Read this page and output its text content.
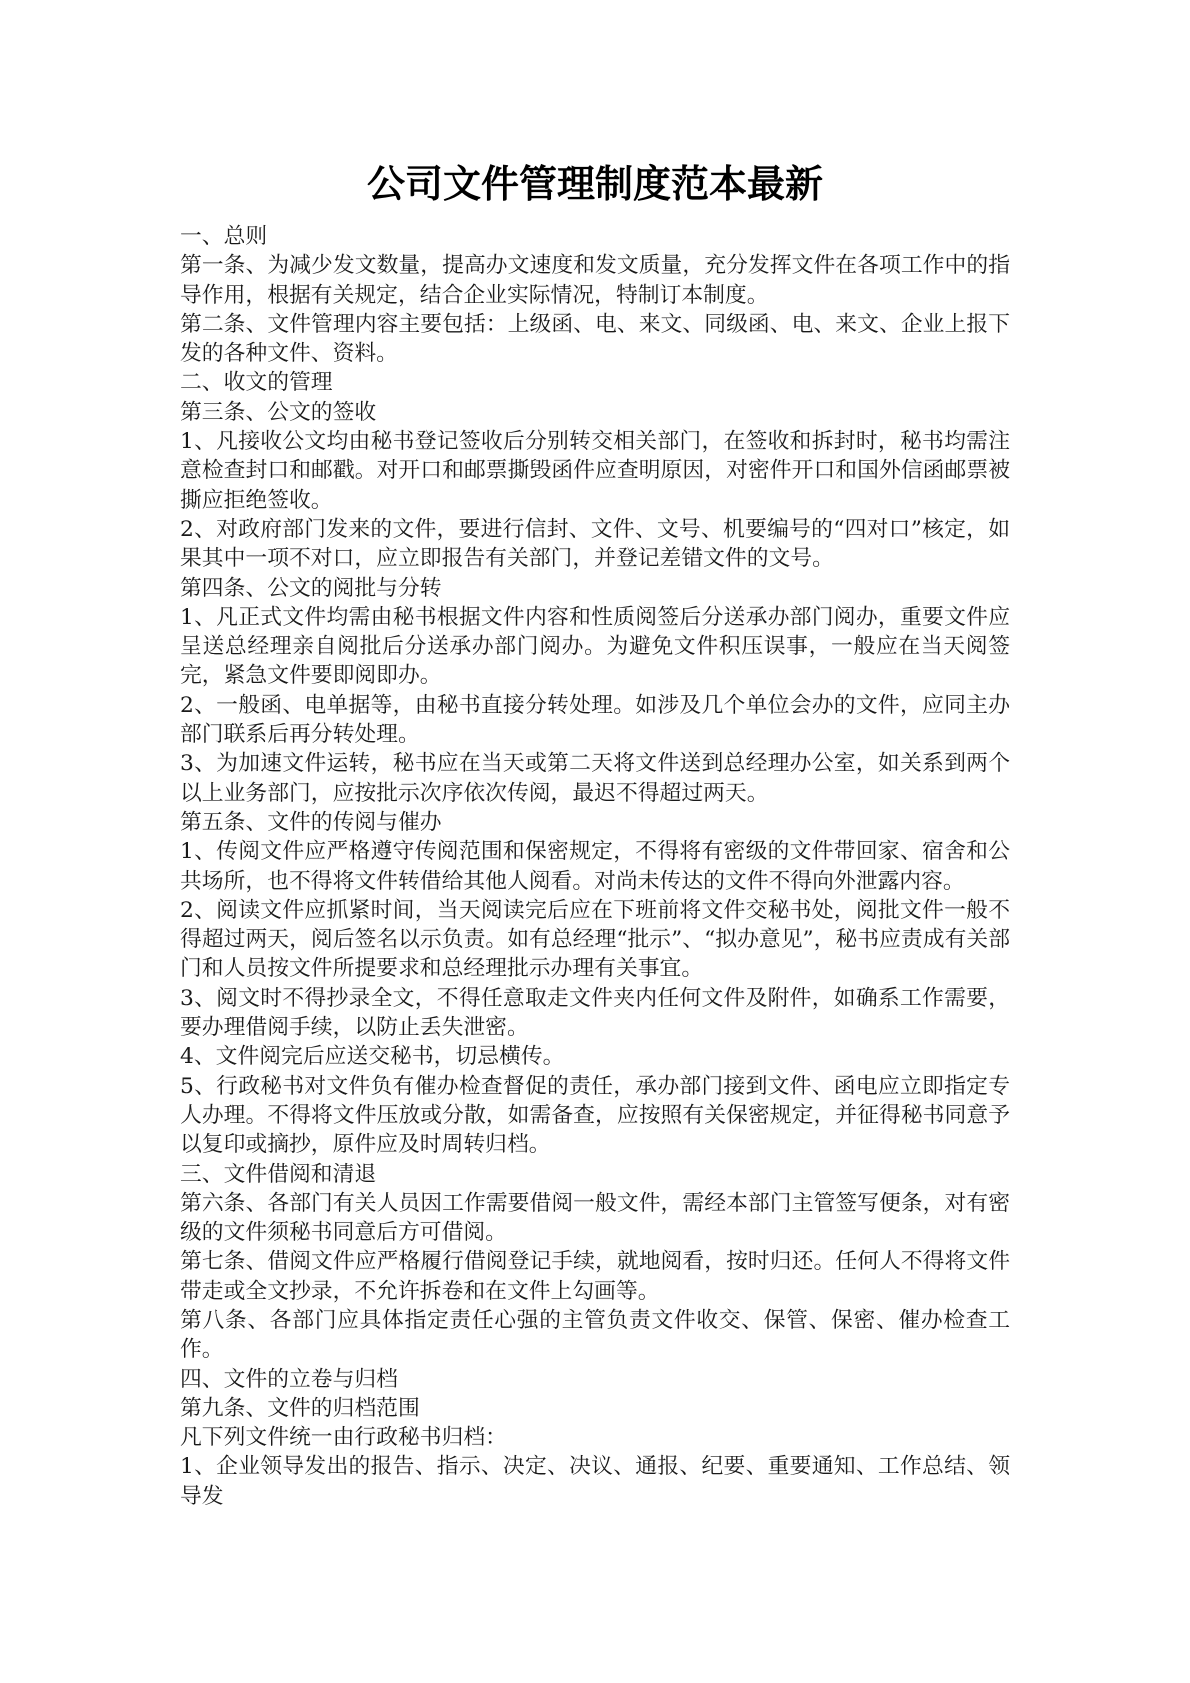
公司文件管理制度范本最新

一、总则

第一条、为减少发文数量，提高办文速度和发文质量，充分发挥文件在各项工作中的指导作用，根据有关规定，结合企业实际情况，特制订本制度。

第二条、文件管理内容主要包括：上级函、电、来文、同级函、电、来文、企业上报下发的各种文件、资料。

二、收文的管理

第三条、公文的签收

1、凡接收公文均由秘书登记签收后分别转交相关部门，在签收和拆封时，秘书均需注意检查封口和邮戳。对开口和邮票撕毁函件应查明原因，对密件开口和国外信函邮票被撕应拒绝签收。

2、对政府部门发来的文件，要进行信封、文件、文号、机要编号的“四对口”核定，如果其中一项不对口，应立即报告有关部门，并登记差错文件的文号。

第四条、公文的阅批与分转

1、凡正式文件均需由秘书根据文件内容和性质阅签后分送承办部门阅办，重要文件应呈送总经理亲自阅批后分送承办部门阅办。为避免文件积压误事，一般应在当天阅签完，紧急文件要即阅即办。

2、一般函、电单据等，由秘书直接分转处理。如涉及几个单位会办的文件，应同主办部门联系后再分转处理。

3、为加速文件运转，秘书应在当天或第二天将文件送到总经理办公室，如关系到两个以上业务部门，应按批示次序依次传阅，最迟不得超过两天。

第五条、文件的传阅与催办

1、传阅文件应严格遵守传阅范围和保密规定，不得将有密级的文件带回家、宿舍和公共场所，也不得将文件转借给其他人阅看。对尚未传达的文件不得向外泄露内容。

2、阅读文件应抓紧时间，当天阅读完后应在下班前将文件交秘书处，阅批文件一般不得超过两天，阅后签名以示负责。如有总经理“批示”、“拟办意见”，秘书应责成有关部门和人员按文件所提要求和总经理批示办理有关事宜。

3、阅文时不得抄录全文，不得任意取走文件夹内任何文件及附件，如确系工作需要，要办理借阅手续，以防止丢失泄密。

4、文件阅完后应送交秘书，切忌横传。

5、行政秘书对文件负有催办检查督促的责任，承办部门接到文件、函电应立即指定专人办理。不得将文件压放或分散，如需备查，应按照有关保密规定，并征得秘书同意予以复印或摘抄，原件应及时周转归档。

三、文件借阅和清退

第六条、各部门有关人员因工作需要借阅一般文件，需经本部门主管签写便条，对有密级的文件须秘书同意后方可借阅。

第七条、借阅文件应严格履行借阅登记手续，就地阅看，按时归还。任何人不得将文件带走或全文抄录，不允许拆卷和在文件上勾画等。

第八条、各部门应具体指定责任心强的主管负责文件收交、保管、保密、催办检查工作。

四、文件的立卷与归档

第九条、文件的归档范围

凡下列文件统一由行政秘书归档：

1、企业领导发出的报告、指示、决定、决议、通报、纪要、重要通知、工作总结、领导发
